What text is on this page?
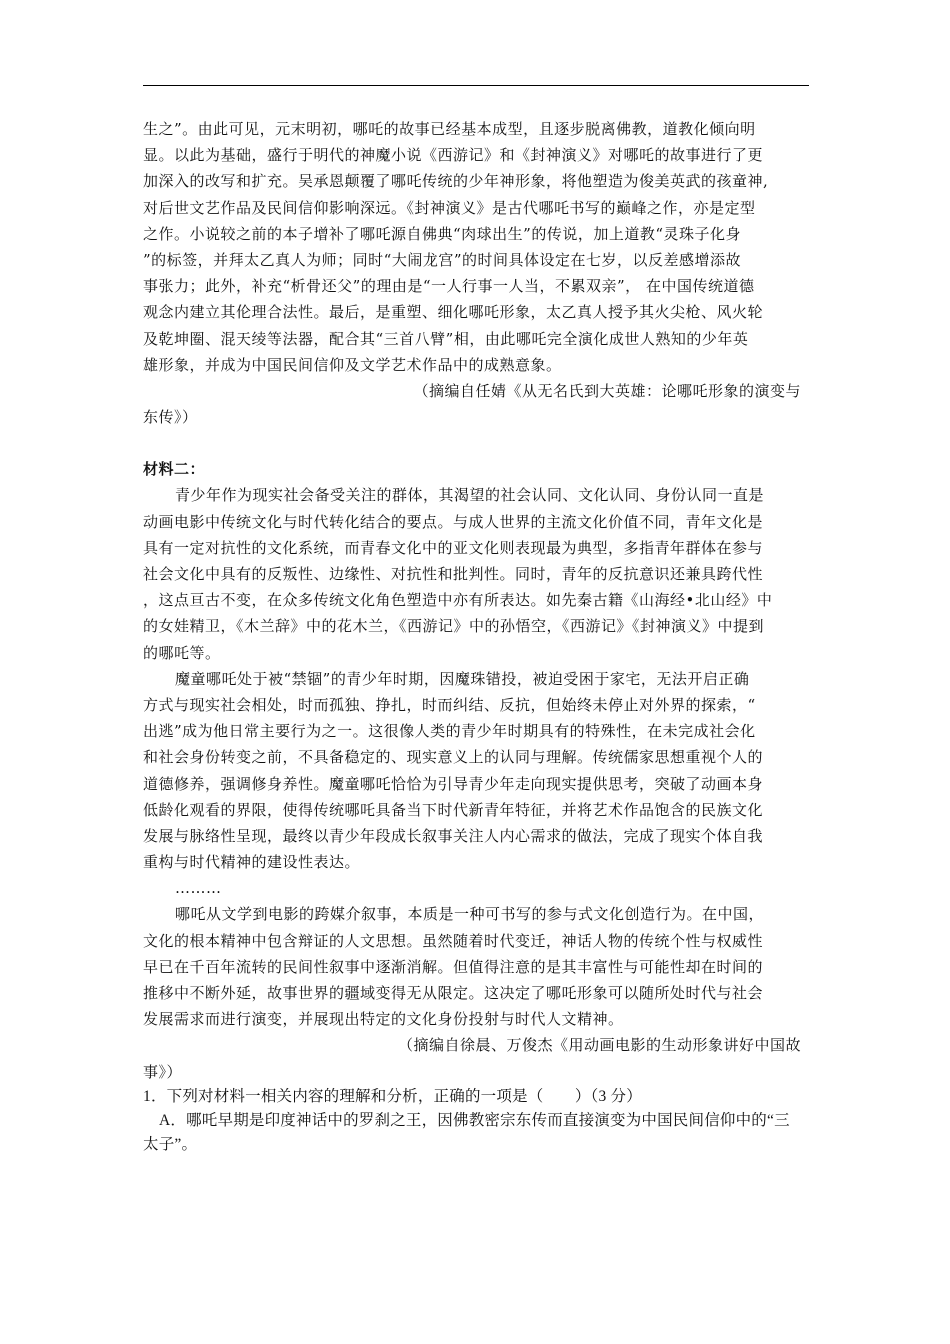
生之”。由此可见，元末明初，哪吒的故事已经基本成型，且逐步脱离佛教，道教化倾向明
显。以此为基础，盛行于明代的神魔小说《西游记》和《封神演义》对哪吒的故事进行了更
加深入的改写和扩充。吴承恩颠覆了哪吒传统的少年神形象，将他塑造为俊美英武的孩童神,
对后世文艺作品及民间信仰影响深远。《封神演义》是古代哪吒书写的巅峰之作，亦是定型
之作。小说较之前的本子增补了哪吒源自佛典“肉球出生”的传说，加上道教“灵珠子化身
”的标签，并拜太乙真人为师；同时“大闹龙宫”的时间具体设定在七岁，以反差感增添故
事张力；此外，补充“析骨还父”的理由是“一人行事一人当，不累双亲”， 在中国传统道德
观念内建立其伦理合法性。最后，是重塑、细化哪吒形象，太乙真人授予其火尖枪、风火轮
及乾坤圈、混天绫等法器，配合其“三首八臂”相，由此哪吒完全演化成世人熟知的少年英
雄形象，并成为中国民间信仰及文学艺术作品中的成熟意象。
（摘编自任婧《从无名氏到大英雄：论哪吒形象的演变与
东传》）
材料二：
青少年作为现实社会备受关注的群体，其渴望的社会认同、文化认同、身份认同一直是
动画电影中传统文化与时代转化结合的要点。与成人世界的主流文化价值不同，青年文化是
具有一定对抗性的文化系统，而青春文化中的亚文化则表现最为典型，多指青年群体在参与
社会文化中具有的反叛性、边缘性、对抗性和批判性。同时，青年的反抗意识还兼具跨代性
，这点亘古不变，在众多传统文化角色塑造中亦有所表达。如先秦古籍《山海经•北山经》中
的女娃精卫，《木兰辞》中的花木兰，《西游记》中的孙悟空，《西游记》《封神演义》中提到
的哪吒等。
魔童哪吒处于被“禁锢”的青少年时期，因魔珠错投，被迫受困于家宅，无法开启正确
方式与现实社会相处，时而孤独、挣扎，时而纠结、反抗，但始终未停止对外界的探索，“
出逃”成为他日常主要行为之一。这很像人类的青少年时期具有的特殊性，在未完成社会化
和社会身份转变之前，不具备稳定的、现实意义上的认同与理解。传统儒家思想重视个人的
道德修养，强调修身养性。魔童哪吒恰恰为引导青少年走向现实提供思考，突破了动画本身
低龄化观看的界限，使得传统哪吒具备当下时代新青年特征，并将艺术作品饱含的民族文化
发展与脉络性呈现，最终以青少年段成长叙事关注人内心需求的做法，完成了现实个体自我
重构与时代精神的建设性表达。
………
哪吒从文学到电影的跨媒介叙事，本质是一种可书写的参与式文化创造行为。在中国，
文化的根本精神中包含辩证的人文思想。虽然随着时代变迁，神话人物的传统个性与权威性
早已在千百年流转的民间性叙事中逐渐消解。但值得注意的是其丰富性与可能性却在时间的
推移中不断外延，故事世界的疆域变得无从限定。这决定了哪吒形象可以随所处时代与社会
发展需求而进行演变，并展现出特定的文化身份投射与时代人文精神。
（摘编自徐晨、万俊杰《用动画电影的生动形象讲好中国故
事》）
1．下列对材料一相关内容的理解和分析，正确的一项是（　　）（3 分）
A．哪吒早期是印度神话中的罗刹之王，因佛教密宗东传而直接演变为中国民间信仰中的“三
太子”。
